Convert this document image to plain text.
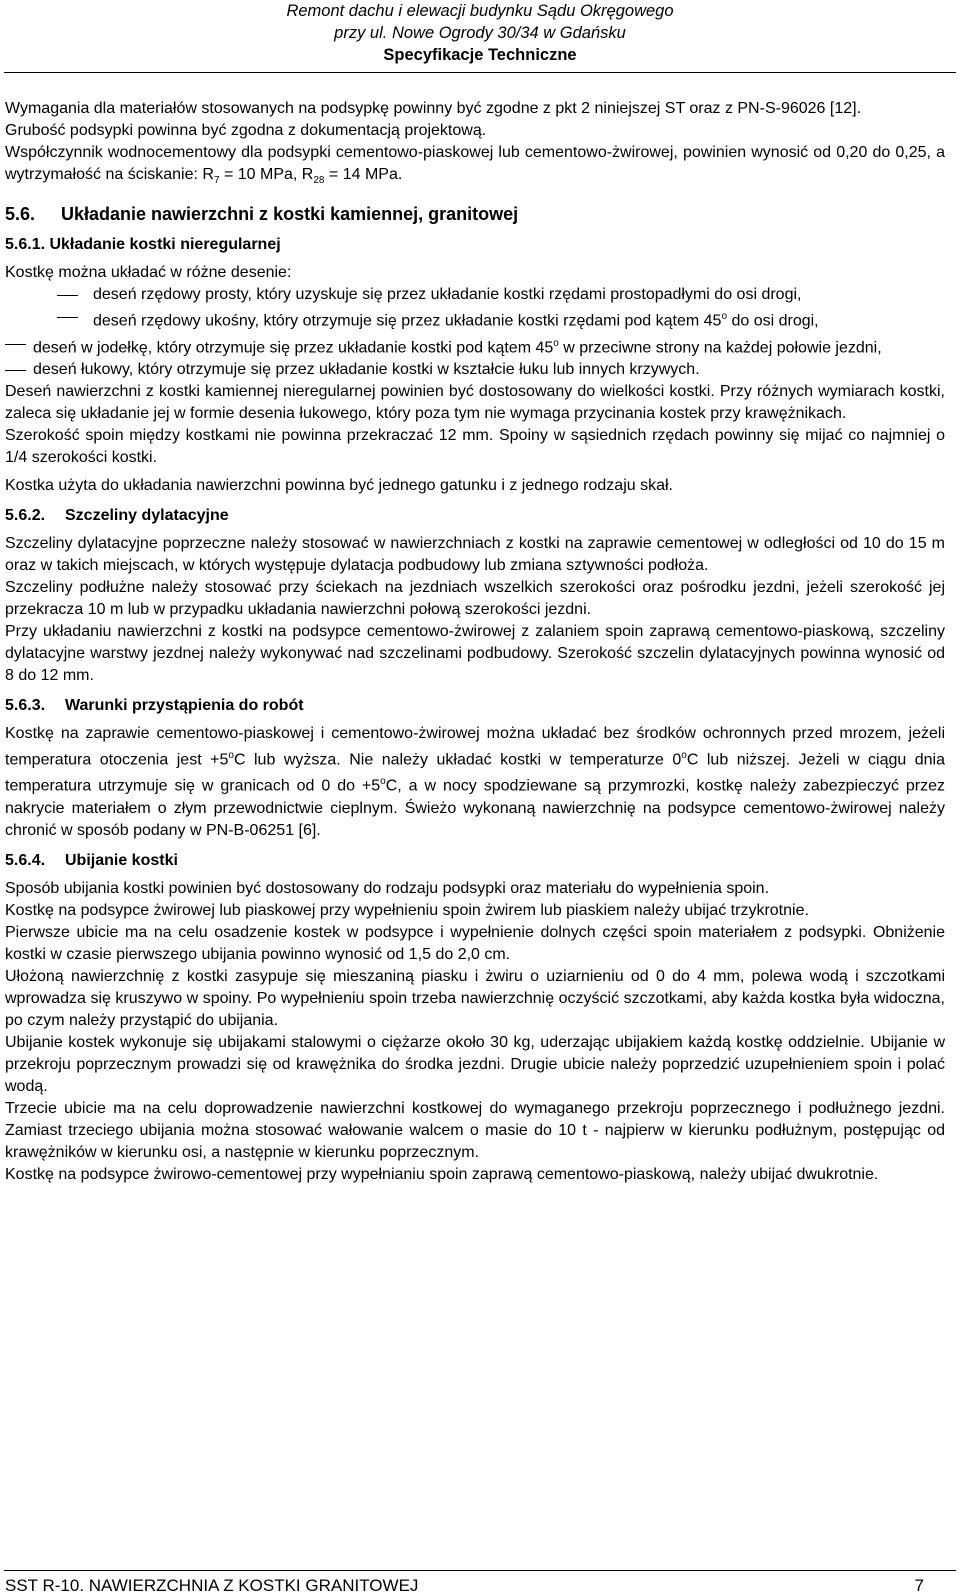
Remont dachu i elewacji budynku Sądu Okręgowego
przy ul. Nowe Ogrody 30/34 w Gdańsku
Specyfikacje Techniczne

Wymagania dla materiałów stosowanych na podsypkę powinny być zgodne z pkt 2 niniejszej ST oraz z PN-S-96026 [12].

Grubość podsypki powinna być zgodna z dokumentacją projektową.

Współczynnik wodnocementowy dla podsypki cementowo-piaskowej lub cementowo-żwirowej, powinien wynosić od 0,20 do 0,25, a wytrzymałość na ściskanie: $R_7 = 10$ MPa, $R_{28} = 14$ MPa.

5.6. Układanie nawierzchni z kostki kamiennej, granitowej

5.6.1. Układanie kostki nieregularnej

Kostkę można układać w różne desenie:

deseń rzędowy prosty, który uzyskuje się przez układanie kostki rzędami prostopadłymi do osi drogi,

deseń rzędowy ukośny, który otrzymuje się przez układanie kostki rzędami pod kątem 45$^o$ do osi drogi,

deseń w jodełkę, który otrzymuje się przez układanie kostki pod kątem 45$^o$ w przeciwne strony na każdej połowie jezdni,

deseń łukowy, który otrzymuje się przez układanie kostki w kształcie łuku lub innych krzywych.

Deseń nawierzchni z kostki kamiennej nieregularnej powinien być dostosowany do wielkości kostki. Przy różnych wymiarach kostki, zaleca się układanie jej w formie desenia łukowego, który poza tym nie wymaga przycinania kostek przy krawężnikach.

Szerokość spoin między kostkami nie powinna przekraczać 12 mm. Spoiny w sąsiednich rzędach powinny się mijać co najmniej o 1/4 szerokości kostki.

Kostka użyta do układania nawierzchni powinna być jednego gatunku i z jednego rodzaju skał.

5.6.2. Szczeliny dylatacyjne

Szczeliny dylatacyjne poprzeczne należy stosować w nawierzchniach z kostki na zaprawie cementowej w odległości od 10 do 15 m oraz w takich miejscach, w których występuje dylatacja podbudowy lub zmiana sztywności podłoża.

Szczeliny podłużne należy stosować przy ściekach na jezdniach wszelkich szerokości oraz pośrodku jezdni, jeżeli szerokość jej przekracza 10 m lub w przypadku układania nawierzchni połową szerokości jezdni.

Przy układaniu nawierzchni z kostki na podsypce cementowo-żwirowej z zalaniem spoin zaprawą cementowo-piaskową, szczeliny dylatacyjne warstwy jezdnej należy wykonywać nad szczelinami podbudowy. Szerokość szczelin dylatacyjnych powinna wynosić od 8 do 12 mm.

5.6.3. Warunki przystąpienia do robót

Kostkę na zaprawie cementowo-piaskowej i cementowo-żwirowej można układać bez środków ochronnych przed mrozem, jeżeli temperatura otoczenia jest $+5^oC$ lub wyższa. Nie należy układać kostki w temperaturze 0$^o$C lub niższej. Jeżeli w ciągu dnia temperatura utrzymuje się w granicach od 0 do $+5^oC$, a w nocy spodziewane są przymrozki, kostkę należy zabezpieczyć przez nakrycie materiałem o złym przewodnictwie cieplnym. Świeżo wykonaną nawierzchnię na podsypce cementowo-żwirowej należy chronić w sposób podany w PN-B-06251 [6].

5.6.4. Ubijanie kostki

Sposób ubijania kostki powinien być dostosowany do rodzaju podsypki oraz materiału do wypełnienia spoin.

Kostkę na podsypce żwirowej lub piaskowej przy wypełnieniu spoin żwirem lub piaskiem należy ubijać trzykrotnie.

Pierwsze ubicie ma na celu osadzenie kostek w podsypce i wypełnienie dolnych części spoin materiałem z podsypki. Obniżenie kostki w czasie pierwszego ubijania powinno wynosić od 1,5 do 2,0 cm.

Ułożoną nawierzchnię z kostki zasypuje się mieszaniną piasku i żwiru o uziarnieniu od 0 do 4 mm, polewa wodą i szczotkami wprowadza się kruszywo w spoiny. Po wypełnieniu spoin trzeba nawierzchnię oczyścić szczotkami, aby każda kostka była widoczna, po czym należy przystąpić do ubijania.

Ubijanie kostek wykonuje się ubijakami stalowymi o ciężarze około 30 kg, uderzając ubijakiem każdą kostkę oddzielnie. Ubijanie w przekroju poprzecznym prowadzi się od krawężnika do środka jezdni. Drugie ubicie należy poprzedzić uzupełnieniem spoin i polać wodą.

Trzecie ubicie ma na celu doprowadzenie nawierzchni kostkowej do wymaganego przekroju poprzecznego i podłużnego jezdni. Zamiast trzeciego ubijania można stosować wałowanie walcem o masie do 10 t - najpierw w kierunku podłużnym, postępując od krawężników w kierunku osi, a następnie w kierunku poprzecznym.

Kostkę na podsypce żwirowo-cementowej przy wypełnianiu spoin zaprawą cementowo-piaskową, należy ubijać dwukrotnie.

SST R-10. NAWIERZCHNIA Z KOSTKI GRANITOWEJ	7
